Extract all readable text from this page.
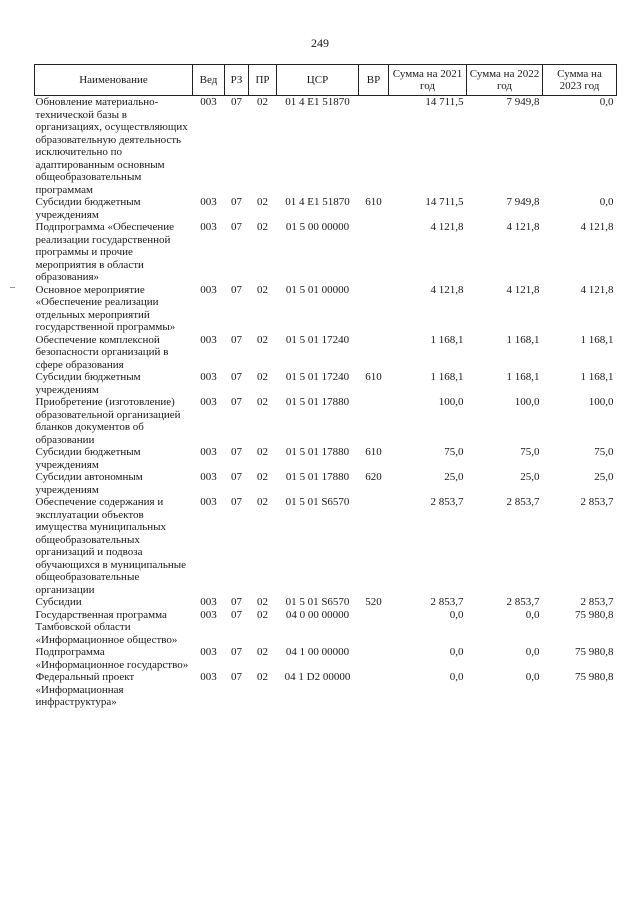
249
Наименование	Вед	РЗ	ПР	ЦСР	ВР	Сумма на 2021 год	Сумма на 2022 год	Сумма на 2023 год
Обновление материально-технической базы в организациях, осуществляющих образовательную деятельность исключительно по адаптированным основным общеобразовательным программам	003	07	02	01 4 E1 51870		14 711,5	7 949,8	0,0
Субсидии бюджетным учреждениям	003	07	02	01 4 E1 51870	610	14 711,5	7 949,8	0,0
Подпрограмма «Обеспечение реализации государственной программы и прочие мероприятия в области образования»	003	07	02	01 5 00 00000		4 121,8	4 121,8	4 121,8
Основное мероприятие «Обеспечение реализации отдельных мероприятий государственной программы»	003	07	02	01 5 01 00000		4 121,8	4 121,8	4 121,8
Обеспечение комплексной безопасности организаций в сфере образования	003	07	02	01 5 01 17240		1 168,1	1 168,1	1 168,1
Субсидии бюджетным учреждениям	003	07	02	01 5 01 17240	610	1 168,1	1 168,1	1 168,1
Приобретение (изготовление) образовательной организацией бланков документов об образовании	003	07	02	01 5 01 17880		100,0	100,0	100,0
Субсидии бюджетным учреждениям	003	07	02	01 5 01 17880	610	75,0	75,0	75,0
Субсидии автономным учреждениям	003	07	02	01 5 01 17880	620	25,0	25,0	25,0
Обеспечение содержания и эксплуатации объектов имущества муниципальных общеобразовательных организаций и подвоза обучающихся в муниципальные общеобразовательные организации	003	07	02	01 5 01 S6570		2 853,7	2 853,7	2 853,7
Субсидии	003	07	02	01 5 01 S6570	520	2 853,7	2 853,7	2 853,7
Государственная программа Тамбовской области «Информационное общество»	003	07	02	04 0 00 00000		0,0	0,0	75 980,8
Подпрограмма «Информационное государство»	003	07	02	04 1 00 00000		0,0	0,0	75 980,8
Федеральный проект «Информационная инфраструктура»	003	07	02	04 1 D2 00000		0,0	0,0	75 980,8
